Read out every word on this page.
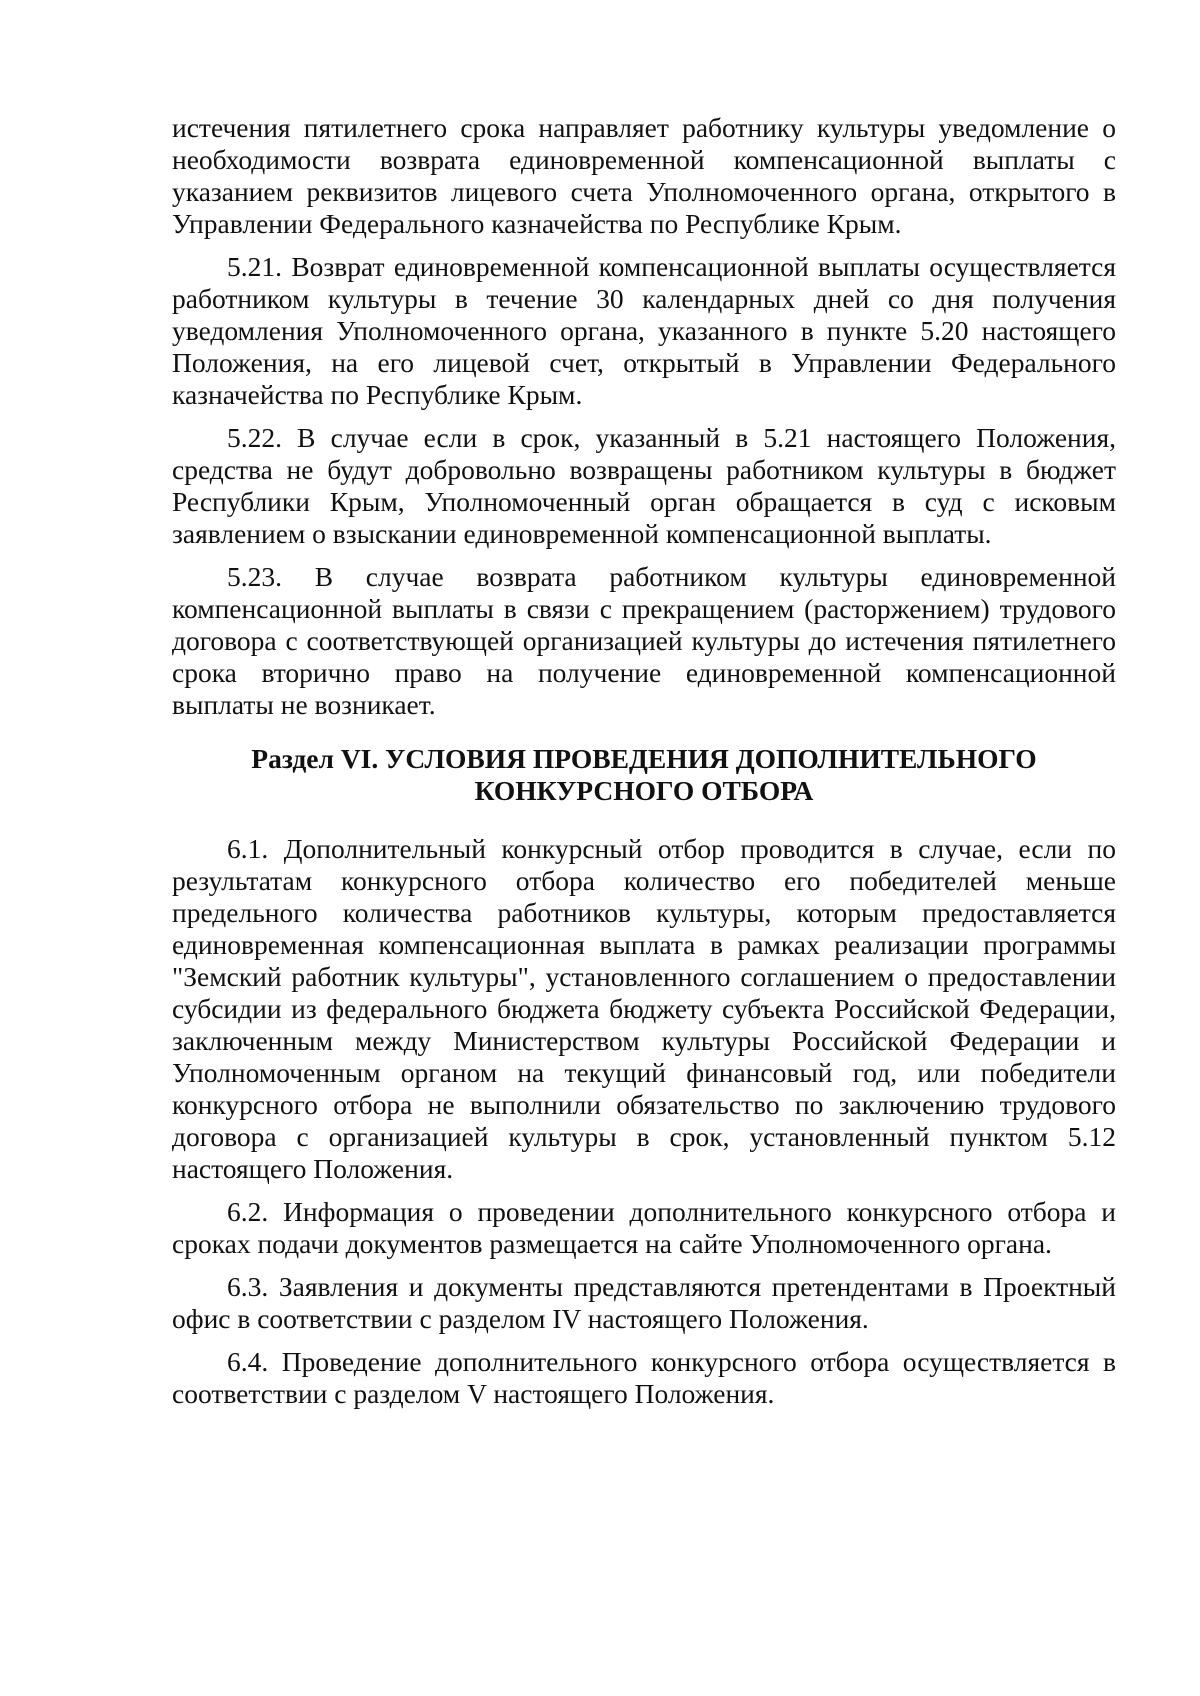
истечения пятилетнего срока направляет работнику культуры уведомление о необходимости возврата единовременной компенсационной выплаты с указанием реквизитов лицевого счета Уполномоченного органа, открытого в Управлении Федерального казначейства по Республике Крым.

5.21. Возврат единовременной компенсационной выплаты осуществляется работником культуры в течение 30 календарных дней со дня получения уведомления Уполномоченного органа, указанного в пункте 5.20 настоящего Положения, на его лицевой счет, открытый в Управлении Федерального казначейства по Республике Крым.

5.22. В случае если в срок, указанный в 5.21 настоящего Положения, средства не будут добровольно возвращены работником культуры в бюджет Республики Крым, Уполномоченный орган обращается в суд с исковым заявлением о взыскании единовременной компенсационной выплаты.

5.23. В случае возврата работником культуры единовременной компенсационной выплаты в связи с прекращением (расторжением) трудового договора с соответствующей организацией культуры до истечения пятилетнего срока вторично право на получение единовременной компенсационной выплаты не возникает.

Раздел VI. УСЛОВИЯ ПРОВЕДЕНИЯ ДОПОЛНИТЕЛЬНОГО
КОНКУРСНОГО ОТБОРА

6.1. Дополнительный конкурсный отбор проводится в случае, если по результатам конкурсного отбора количество его победителей меньше предельного количества работников культуры, которым предоставляется единовременная компенсационная выплата в рамках реализации программы "Земский работник культуры", установленного соглашением о предоставлении субсидии из федерального бюджета бюджету субъекта Российской Федерации, заключенным между Министерством культуры Российской Федерации и Уполномоченным органом на текущий финансовый год, или победители конкурсного отбора не выполнили обязательство по заключению трудового договора с организацией культуры в срок, установленный пунктом 5.12 настоящего Положения.

6.2. Информация о проведении дополнительного конкурсного отбора и сроках подачи документов размещается на сайте Уполномоченного органа.

6.3. Заявления и документы представляются претендентами в Проектный офис в соответствии с разделом IV настоящего Положения.

6.4. Проведение дополнительного конкурсного отбора осуществляется в соответствии с разделом V настоящего Положения.
